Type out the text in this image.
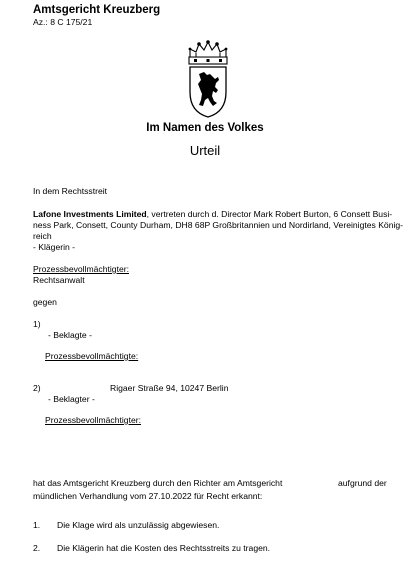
Amtsgericht Kreuzberg
Az.: 8 C 175/21
Im Namen des Volkes
Urteil
In dem Rechtsstreit
Lafone Investments Limited, vertreten durch d. Director Mark Robert Burton, 6 Consett Busi-
ness Park, Consett, County Durham, DH8 68P Großbritannien und Nordirland, Vereinigtes König-
reich
- Klägerin -
Prozessbevollmächtigter:
Rechtsanwalt
gegen
1)
- Beklagte -
Prozessbevollmächtigte:
2)	Rigaer Straße 94, 10247 Berlin
- Beklagter -
Prozessbevollmächtigter:
hat das Amtsgericht Kreuzberg durch den Richter am Amtsgericht	aufgrund der
mündlichen Verhandlung vom 27.10.2022 für Recht erkannt:
1. Die Klage wird als unzulässig abgewiesen.
2. Die Klägerin hat die Kosten des Rechtsstreits zu tragen.
